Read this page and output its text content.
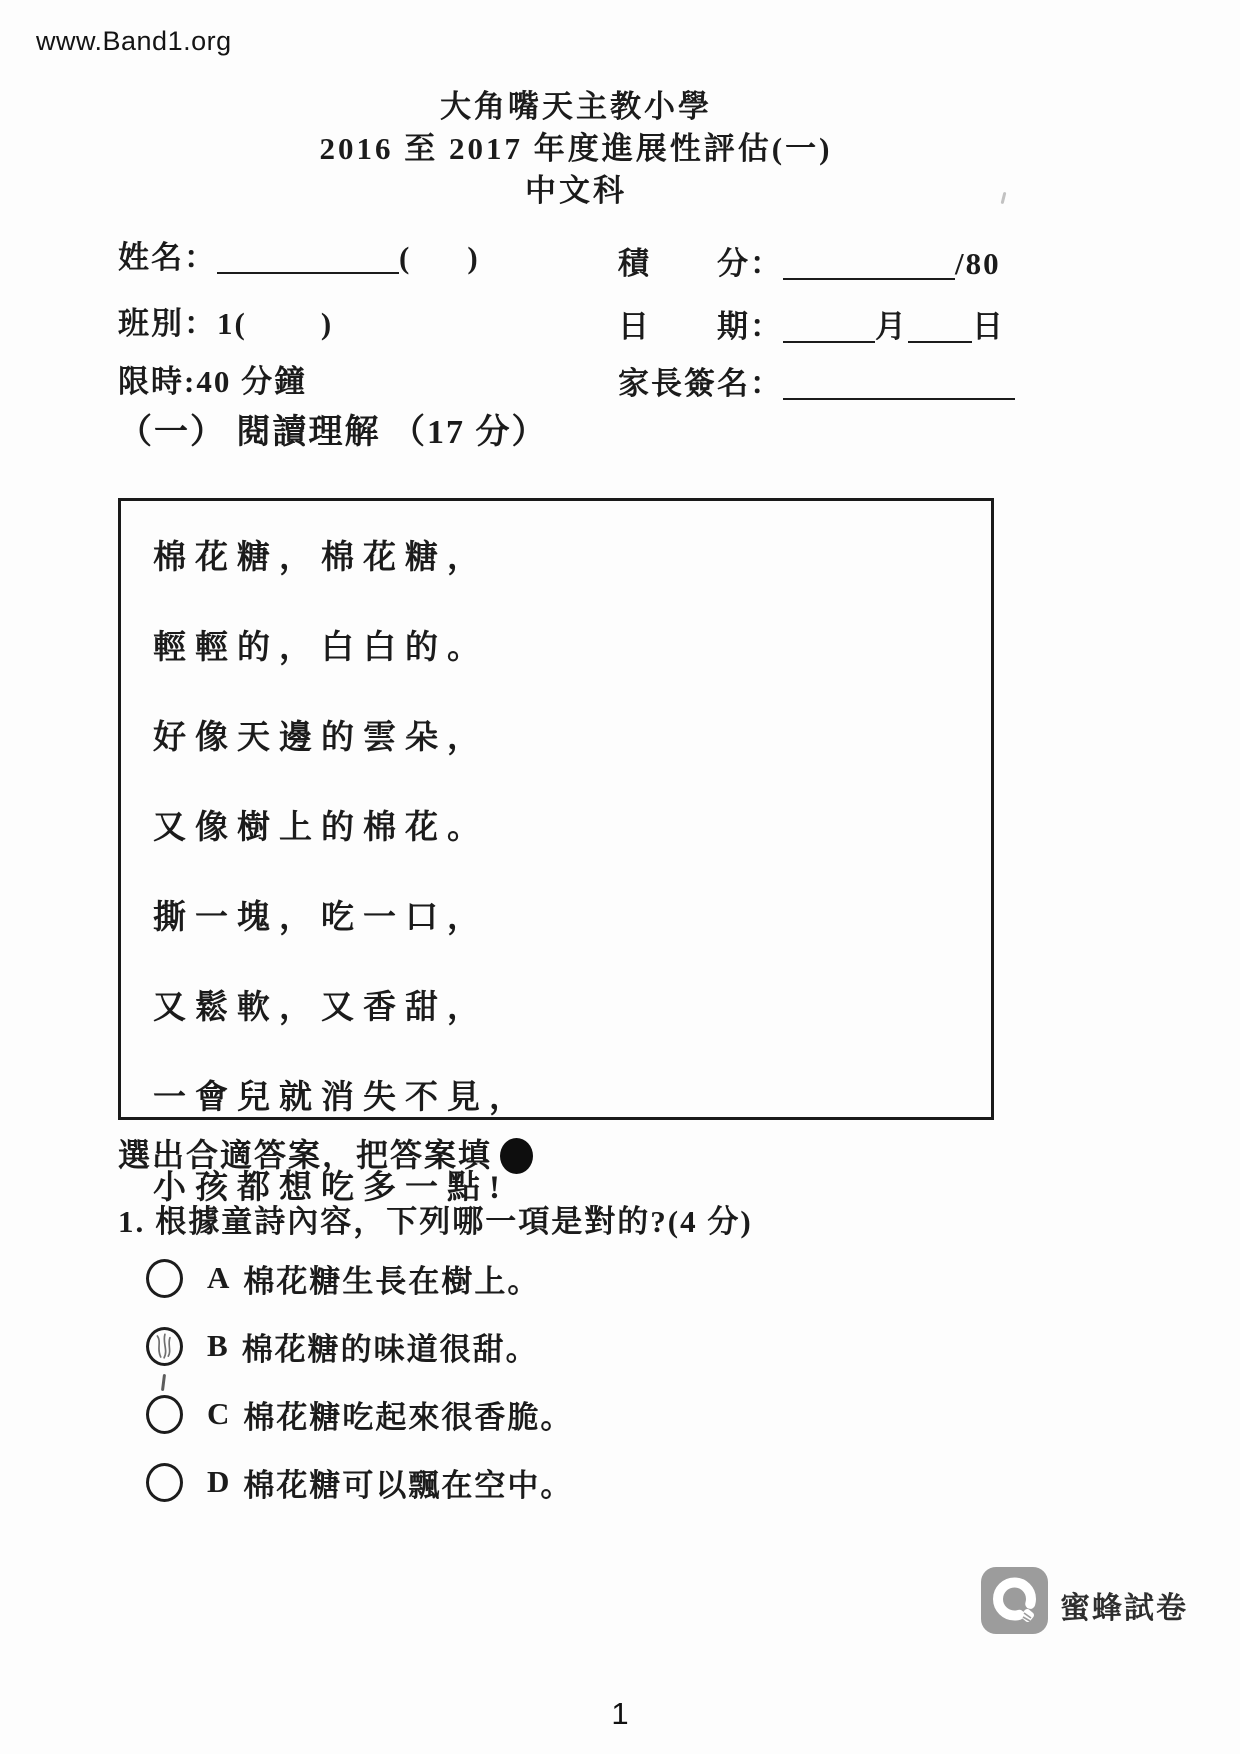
www.Band1.org
大角嘴天主教小學
2016 至 2017 年度進展性評估(一)
中文科
姓名：	( )	積　　分：	/80
班別：1( )	日　　期：	月 日
限時:40 分鐘	家長簽名：
（一） 閱讀理解 （17 分）
棉花糖，棉花糖，
輕輕的，白白的。
好像天邊的雲朵，
又像樹上的棉花。
撕一塊，吃一口，
又鬆軟，又香甜，
一會兒就消失不見，
小孩都想吃多一點!
選出合適答案，把答案填
1. 根據童詩內容，下列哪一項是對的?(4 分)
A 棉花糖生長在樹上。
B 棉花糖的味道很甜。
C 棉花糖吃起來很香脆。
D 棉花糖可以飄在空中。
蜜蜂試卷
1
